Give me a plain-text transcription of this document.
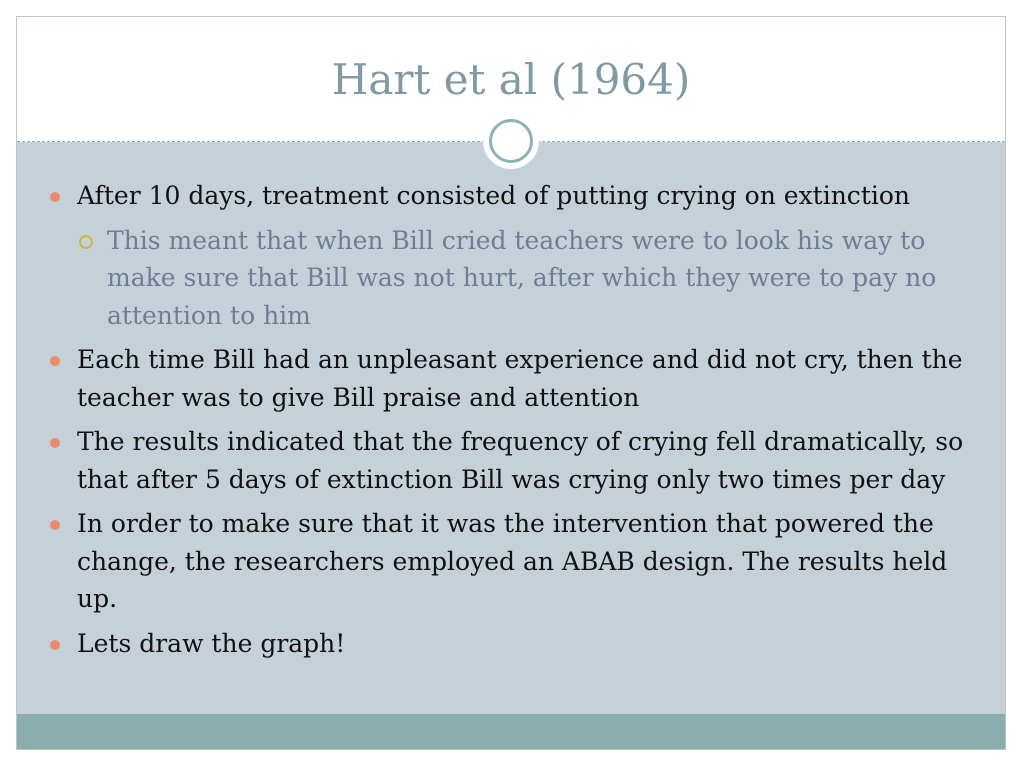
Hart et al (1964)
After 10 days, treatment consisted of putting crying on extinction
This meant that when Bill cried teachers were to look his way to make sure that Bill was not hurt, after which they were to pay no attention to him
Each time Bill had an unpleasant experience and did not cry, then the teacher was to give Bill praise and attention
The results indicated that the frequency of crying fell dramatically, so that after 5 days of extinction Bill was crying only two times per day
In order to make sure that it was the intervention that powered the change, the researchers employed an ABAB design. The results held up.
Lets draw the graph!
